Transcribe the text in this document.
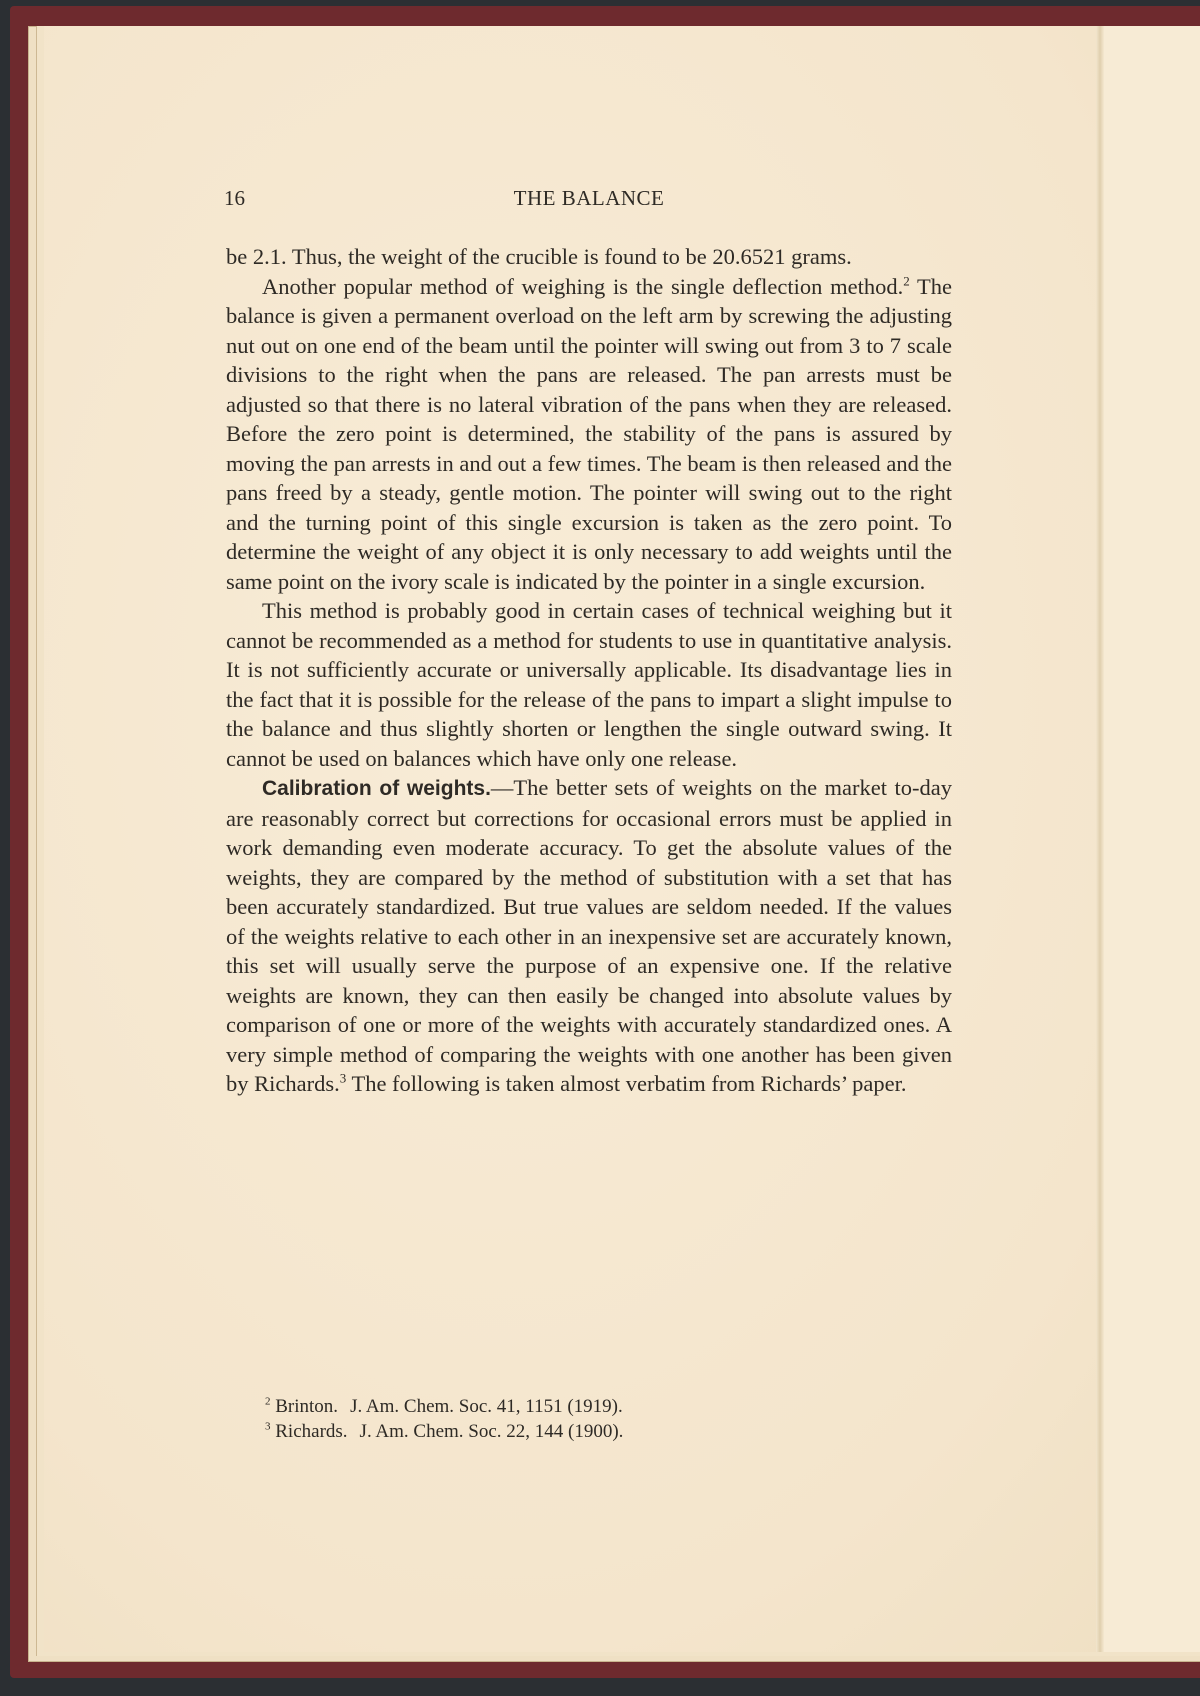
16	THE BALANCE

be 2.1. Thus, the weight of the crucible is found to be 20.6521 grams.

Another popular method of weighing is the single deflection method.$^2$ The balance is given a permanent overload on the left arm by screwing the adjusting nut out on one end of the beam until the pointer will swing out from 3 to 7 scale divisions to the right when the pans are released. The pan arrests must be adjusted so that there is no lateral vibration of the pans when they are released. Before the zero point is determined, the stability of the pans is assured by moving the pan arrests in and out a few times. The beam is then released and the pans freed by a steady, gentle motion. The pointer will swing out to the right and the turning point of this single excursion is taken as the zero point. To determine the weight of any object it is only necessary to add weights until the same point on the ivory scale is indicated by the pointer in a single excursion.

This method is probably good in certain cases of technical weighing but it cannot be recommended as a method for students to use in quantitative analysis. It is not sufficiently accurate or universally applicable. Its disadvantage lies in the fact that it is possible for the release of the pans to impart a slight impulse to the balance and thus slightly shorten or lengthen the single outward swing. It cannot be used on balances which have only one release.

Calibration of weights.—The better sets of weights on the market to-day are reasonably correct but corrections for occasional errors must be applied in work demanding even moderate accuracy. To get the absolute values of the weights, they are compared by the method of substitution with a set that has been accurately standardized. But true values are seldom needed. If the values of the weights relative to each other in an inexpensive set are accurately known, this set will usually serve the purpose of an expensive one. If the relative weights are known, they can then easily be changed into absolute values by comparison of one or more of the weights with accurately standardized ones. A very simple method of comparing the weights with one another has been given by Richards.$^3$ The following is taken almost verbatim from Richards’ paper.

$^2$ Brinton. J. Am. Chem. Soc. 41, 1151 (1919).
$^3$ Richards. J. Am. Chem. Soc. 22, 144 (1900).
